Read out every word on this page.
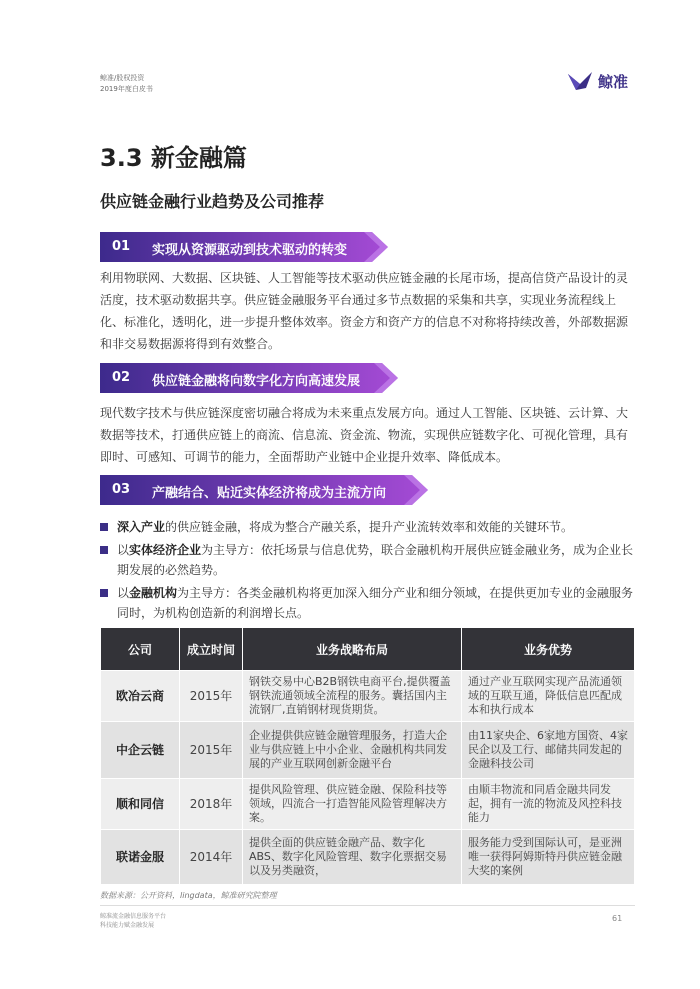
鲸准/股权投资
2019年度白皮书	鲸准
3.3 新金融篇
供应链金融行业趋势及公司推荐
01 实现从资源驱动到技术驱动的转变
利用物联网、大数据、区块链、人工智能等技术驱动供应链金融的长尾市场，提高信贷产品设计的灵活度，技术驱动数据共享。供应链金融服务平台通过多节点数据的采集和共享，实现业务流程线上化、标准化，透明化，进一步提升整体效率。资金方和资产方的信息不对称将持续改善，外部数据源和非交易数据源将得到有效整合。
02 供应链金融将向数字化方向高速发展
现代数字技术与供应链深度密切融合将成为未来重点发展方向。通过人工智能、区块链、云计算、大数据等技术，打通供应链上的商流、信息流、资金流、物流，实现供应链数字化、可视化管理，具有即时、可感知、可调节的能力，全面帮助产业链中企业提升效率、降低成本。
03 产融结合、贴近实体经济将成为主流方向
深入产业的供应链金融，将成为整合产融关系，提升产业流转效率和效能的关键环节。
以实体经济企业为主导方：依托场景与信息优势，联合金融机构开展供应链金融业务，成为企业长期发展的必然趋势。
以金融机构为主导方：各类金融机构将更加深入细分产业和细分领域，在提供更加专业的金融服务同时，为机构创造新的利润增长点。
公司	成立时间	业务战略布局	业务优势
欧冶云商	2015年	钢铁交易中心B2B钢铁电商平台,提供覆盖钢铁流通领域全流程的服务。囊括国内主流钢厂,直销钢材现货期货。	通过产业互联网实现产品流通领域的互联互通，降低信息匹配成本和执行成本
中企云链	2015年	企业提供供应链金融管理服务，打造大企业与供应链上中小企业、金融机构共同发展的产业互联网创新金融平台	由11家央企、6家地方国资、4家民企以及工行、邮储共同发起的金融科技公司
顺和同信	2018年	提供风险管理、供应链金融、保险科技等领域，四流合一打造智能风险管理解决方案。	由顺丰物流和同盾金融共同发起，拥有一流的物流及风控科技能力
联诺金服	2014年	提供全面的供应链金融产品、数字化ABS、数字化风险管理、数字化票据交易以及另类融资，	服务能力受到国际认可，是亚洲唯一获得阿姆斯特丹供应链金融大奖的案例
数据来源：公开资料，lingdata，鲸准研究院整理
鲸准流金融信息服务平台
科技能力赋金融发展
61
